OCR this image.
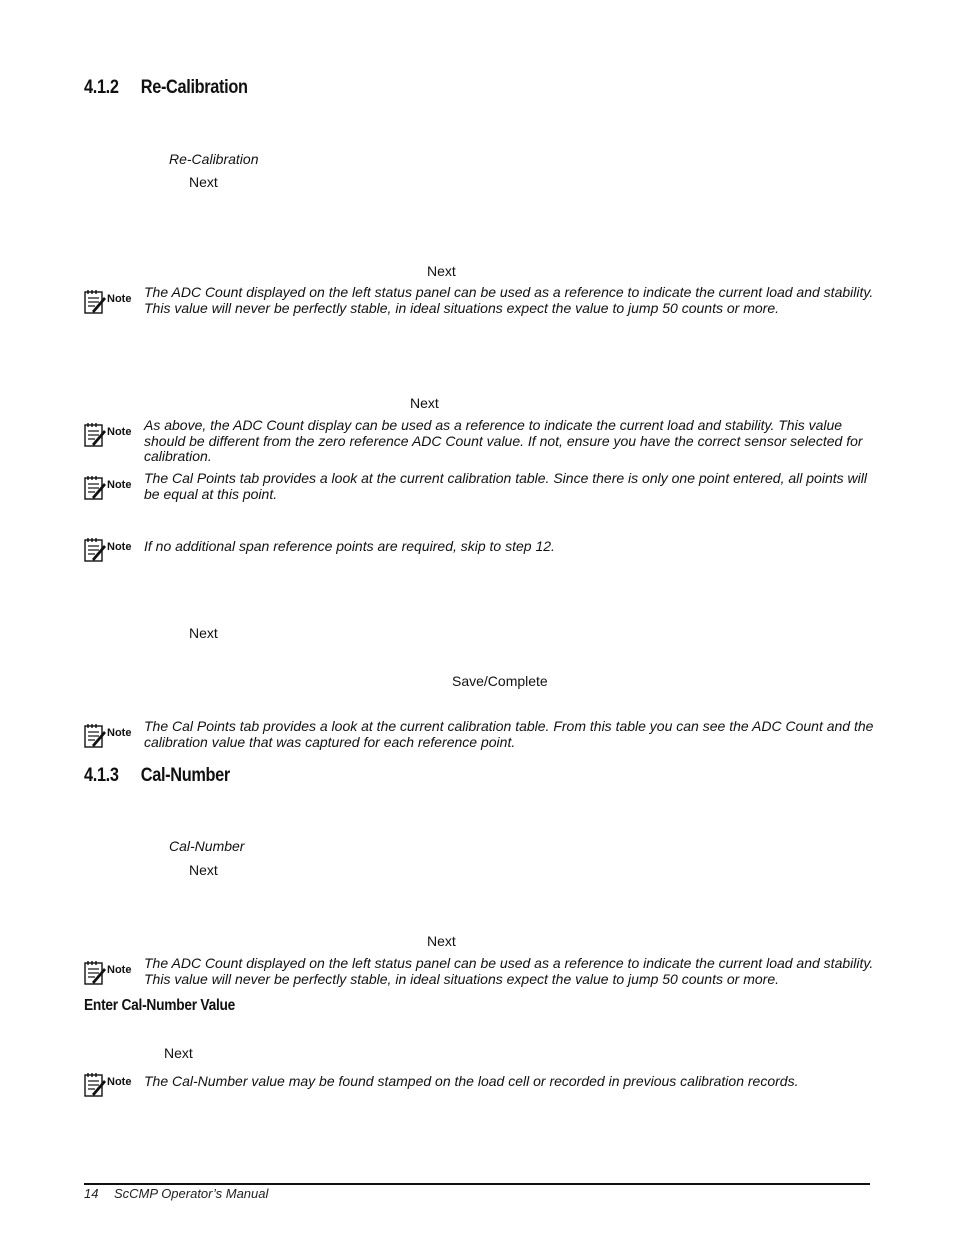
4.1.2 Re-Calibration
Re-Calibration
Next
Next
Note The ADC Count displayed on the left status panel can be used as a reference to indicate the current load and stability. This value will never be perfectly stable, in ideal situations expect the value to jump 50 counts or more.
Next
Note As above, the ADC Count display can be used as a reference to indicate the current load and stability. This value should be different from the zero reference ADC Count value. If not, ensure you have the correct sensor selected for calibration.
Note The Cal Points tab provides a look at the current calibration table. Since there is only one point entered, all points will be equal at this point.
Note If no additional span reference points are required, skip to step 12.
Next
Save/Complete
Note The Cal Points tab provides a look at the current calibration table. From this table you can see the ADC Count and the calibration value that was captured for each reference point.
4.1.3 Cal-Number
Cal-Number
Next
Next
Note The ADC Count displayed on the left status panel can be used as a reference to indicate the current load and stability. This value will never be perfectly stable, in ideal situations expect the value to jump 50 counts or more.
Enter Cal-Number Value
Next
Note The Cal-Number value may be found stamped on the load cell or recorded in previous calibration records.
14 ScCMP Operator’s Manual
